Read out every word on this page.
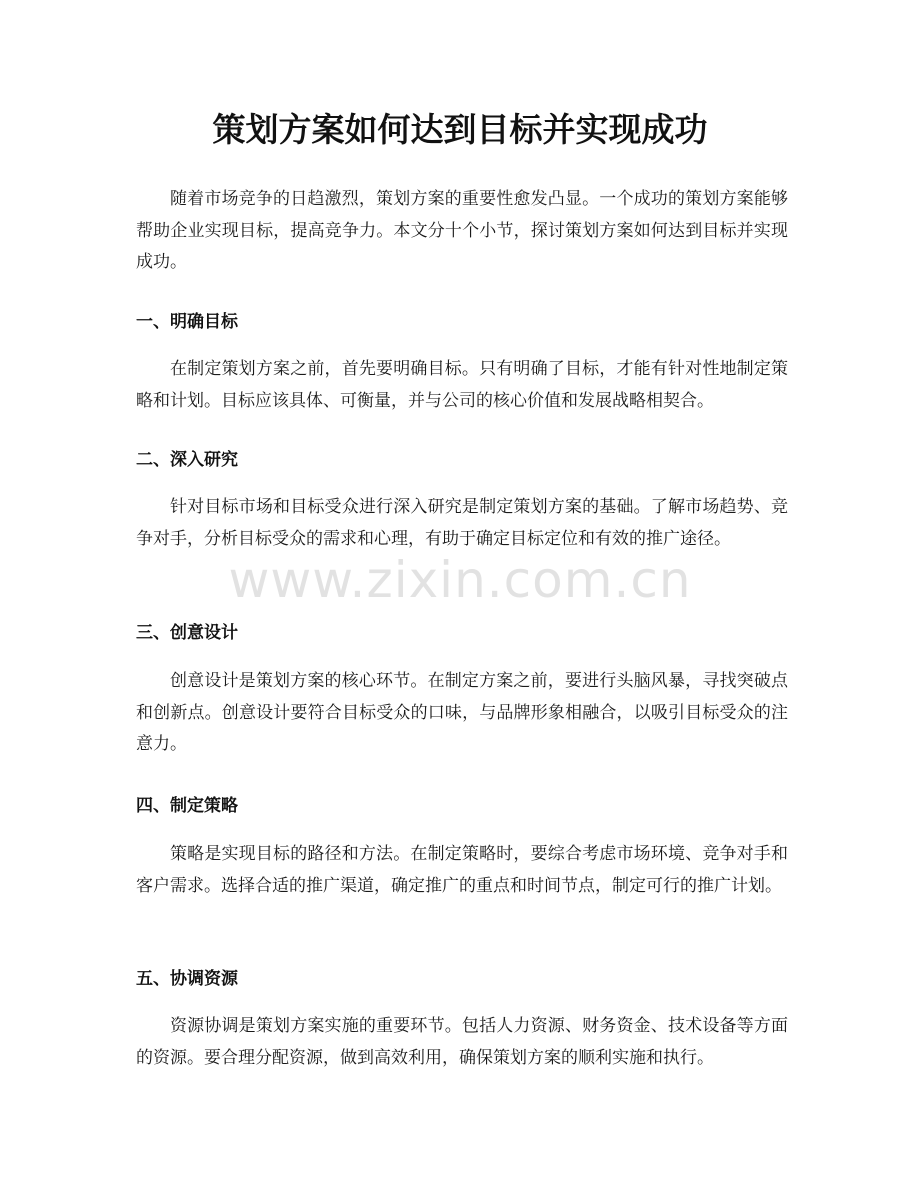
策划方案如何达到目标并实现成功

随着市场竞争的日趋激烈，策划方案的重要性愈发凸显。一个成功的策划方案能够帮助企业实现目标，提高竞争力。本文分十个小节，探讨策划方案如何达到目标并实现成功。

一、明确目标

在制定策划方案之前，首先要明确目标。只有明确了目标，才能有针对性地制定策略和计划。目标应该具体、可衡量，并与公司的核心价值和发展战略相契合。

二、深入研究

针对目标市场和目标受众进行深入研究是制定策划方案的基础。了解市场趋势、竞争对手，分析目标受众的需求和心理，有助于确定目标定位和有效的推广途径。

三、创意设计

创意设计是策划方案的核心环节。在制定方案之前，要进行头脑风暴，寻找突破点和创新点。创意设计要符合目标受众的口味，与品牌形象相融合，以吸引目标受众的注意力。

四、制定策略

策略是实现目标的路径和方法。在制定策略时，要综合考虑市场环境、竞争对手和客户需求。选择合适的推广渠道，确定推广的重点和时间节点，制定可行的推广计划。

五、协调资源

资源协调是策划方案实施的重要环节。包括人力资源、财务资金、技术设备等方面的资源。要合理分配资源，做到高效利用，确保策划方案的顺利实施和执行。

www.zixin.com.cn
